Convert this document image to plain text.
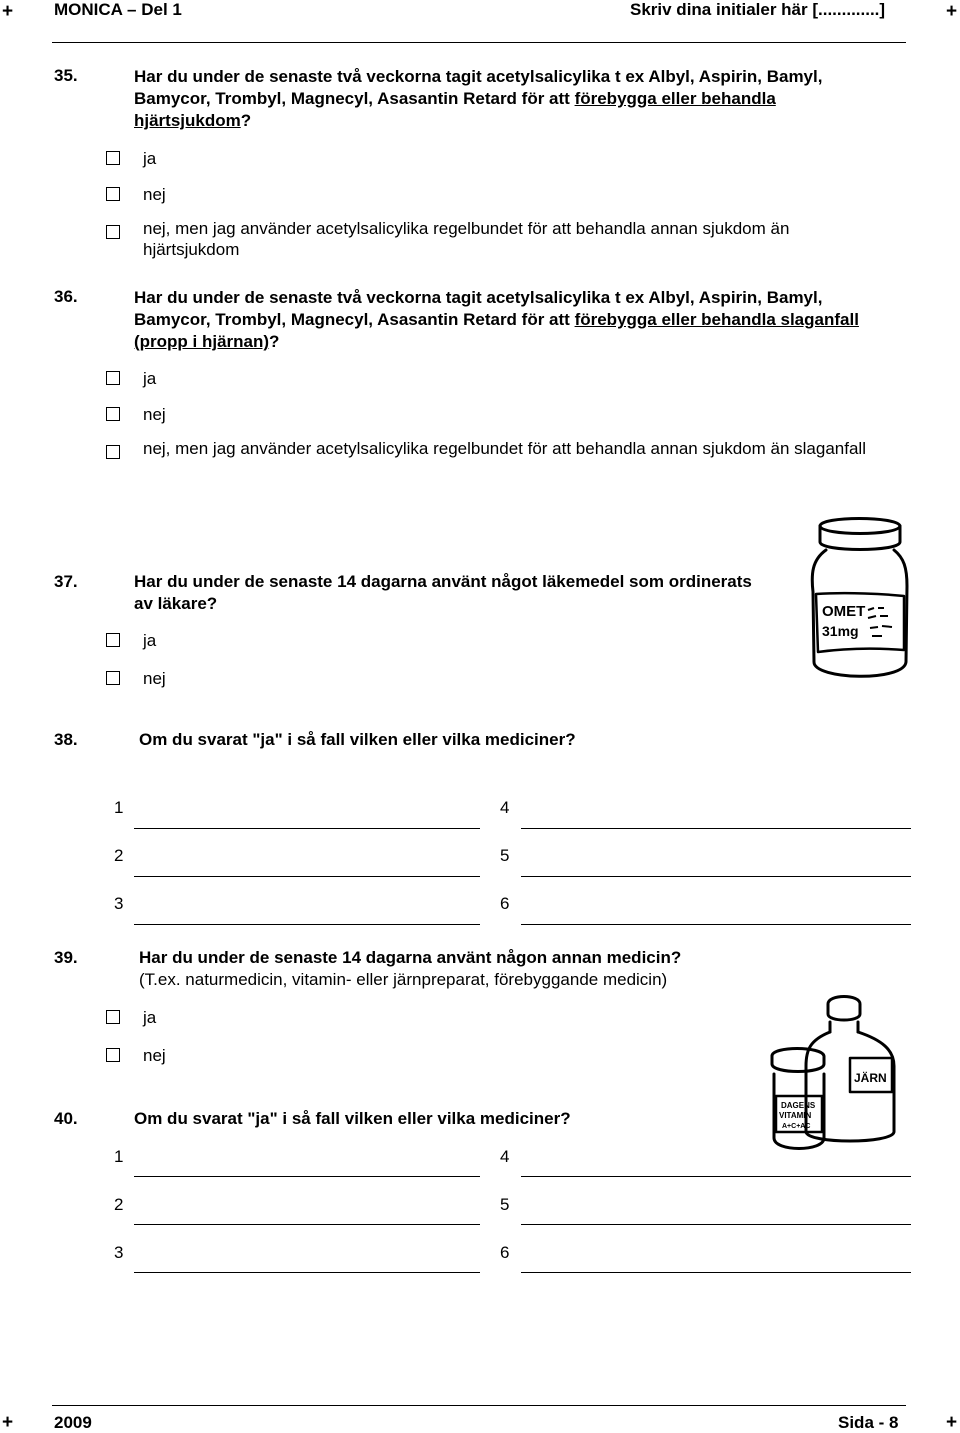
+ MONICA – Del 1	Skriv dina initialer här [.............]	+
35.	Har du under de senaste två veckorna tagit acetylsalicylika t ex Albyl, Aspirin, Bamyl, Bamycor, Trombyl, Magnecyl, Asasantin Retard för att förebygga eller behandla hjärtsjukdom?
ja
nej
nej, men jag använder acetylsalicylika regelbundet för att behandla annan sjukdom än hjärtsjukdom
36.	Har du under de senaste två veckorna tagit acetylsalicylika t ex Albyl, Aspirin, Bamyl, Bamycor, Trombyl, Magnecyl, Asasantin Retard för att förebygga eller behandla slaganfall (propp i hjärnan)?
ja
nej
nej, men jag använder acetylsalicylika regelbundet för att behandla annan sjukdom än slaganfall
OMET
31mg
37.	Har du under de senaste 14 dagarna använt något läkemedel som ordinerats av läkare?
ja
nej
38.	Om du svarat "ja" i så fall vilken eller vilka mediciner?
1	4
2	5
3	6
39.	Har du under de senaste 14 dagarna använt någon annan medicin?
(T.ex. naturmedicin, vitamin- eller järnpreparat, förebyggande medicin)
ja
nej
JÄRN
DAGENS
VITAMIN
A+C+AC
40.	Om du svarat "ja" i så fall vilken eller vilka mediciner?
1	4
2	5
3	6
+ 2009	Sida - 8	+
